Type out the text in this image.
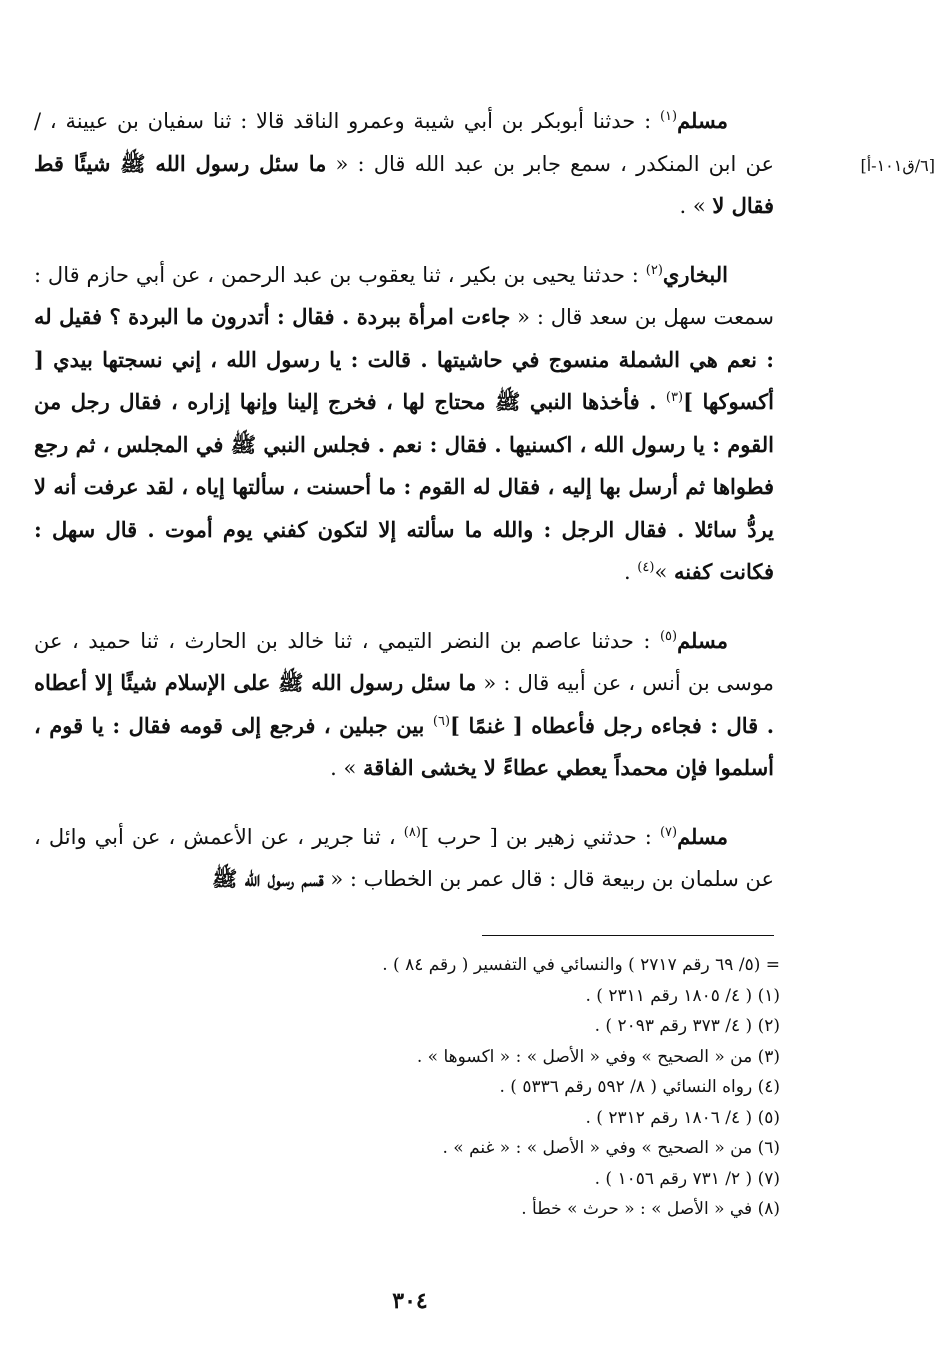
[٦/ق١٠١-أ]

مسلم$^{(١)}$ : حدثنا أبوبكر بن أبي شيبة وعمرو الناقد قالا : ثنا سفيان بن عيينة ، / عن ابن المنكدر ، سمع جابر بن عبد الله قال : « ما سئل رسول الله ﷺ شيئًا قط فقال لا » .

البخاري$^{(٢)}$ : حدثنا يحيى بن بكير ، ثنا يعقوب بن عبد الرحمن ، عن أبي حازم قال : سمعت سهل بن سعد قال : « جاءت امرأة ببردة . فقال : أتدرون ما البردة ؟ فقيل له : نعم هي الشملة منسوج في حاشيتها . قالت : يا رسول الله ، إني نسجتها بيدي [ أكسوكها ]$^{(٣)}$ . فأخذها النبي ﷺ محتاج لها ، فخرج إلينا وإنها إزاره ، فقال رجل من القوم : يا رسول الله ، اكسنيها . فقال : نعم . فجلس النبي ﷺ في المجلس ، ثم رجع فطواها ثم أرسل بها إليه ، فقال له القوم : ما أحسنت ، سألتها إياه ، لقد عرفت أنه لا يردُّ سائلا . فقال الرجل : والله ما سألته إلا لتكون كفني يوم أموت . قال سهل : فكانت كفنه »$^{(٤)}$ .

مسلم$^{(٥)}$ : حدثنا عاصم بن النضر التيمي ، ثنا خالد بن الحارث ، ثنا حميد ، عن موسى بن أنس ، عن أبيه قال : « ما سئل رسول الله ﷺ على الإسلام شيئًا إلا أعطاه . قال : فجاءه رجل فأعطاه [ غنمًا ]$^{(٦)}$ بين جبلين ، فرجع إلى قومه فقال : يا قوم ، أسلموا فإن محمداً يعطي عطاءً لا يخشى الفاقة » .

مسلم$^{(٧)}$ : حدثني زهير بن [ حرب ]$^{(٨)}$ ، ثنا جرير ، عن الأعمش ، عن أبي وائل ، عن سلمان بن ربيعة قال : قال عمر بن الخطاب : « قسم رسول الله ﷺ

= (٥/ ٦٩ رقم ٢٧١٧ ) والنسائي في التفسير ( رقم ٨٤ ) .
(١) ( ٤/ ١٨٠٥ رقم ٢٣١١ ) .
(٢) ( ٤/ ٣٧٣ رقم ٢٠٩٣ ) .
(٣) من « الصحيح » وفي « الأصل » : « اكسوها » .
(٤) رواه النسائي ( ٨/ ٥٩٢ رقم ٥٣٣٦ ) .
(٥) ( ٤/ ١٨٠٦ رقم ٢٣١٢ ) .
(٦) من « الصحيح » وفي « الأصل » : « غنم » .
(٧) ( ٢/ ٧٣١ رقم ١٠٥٦ ) .
(٨) في « الأصل » : « حرث » خطأ .
٣٠٤
